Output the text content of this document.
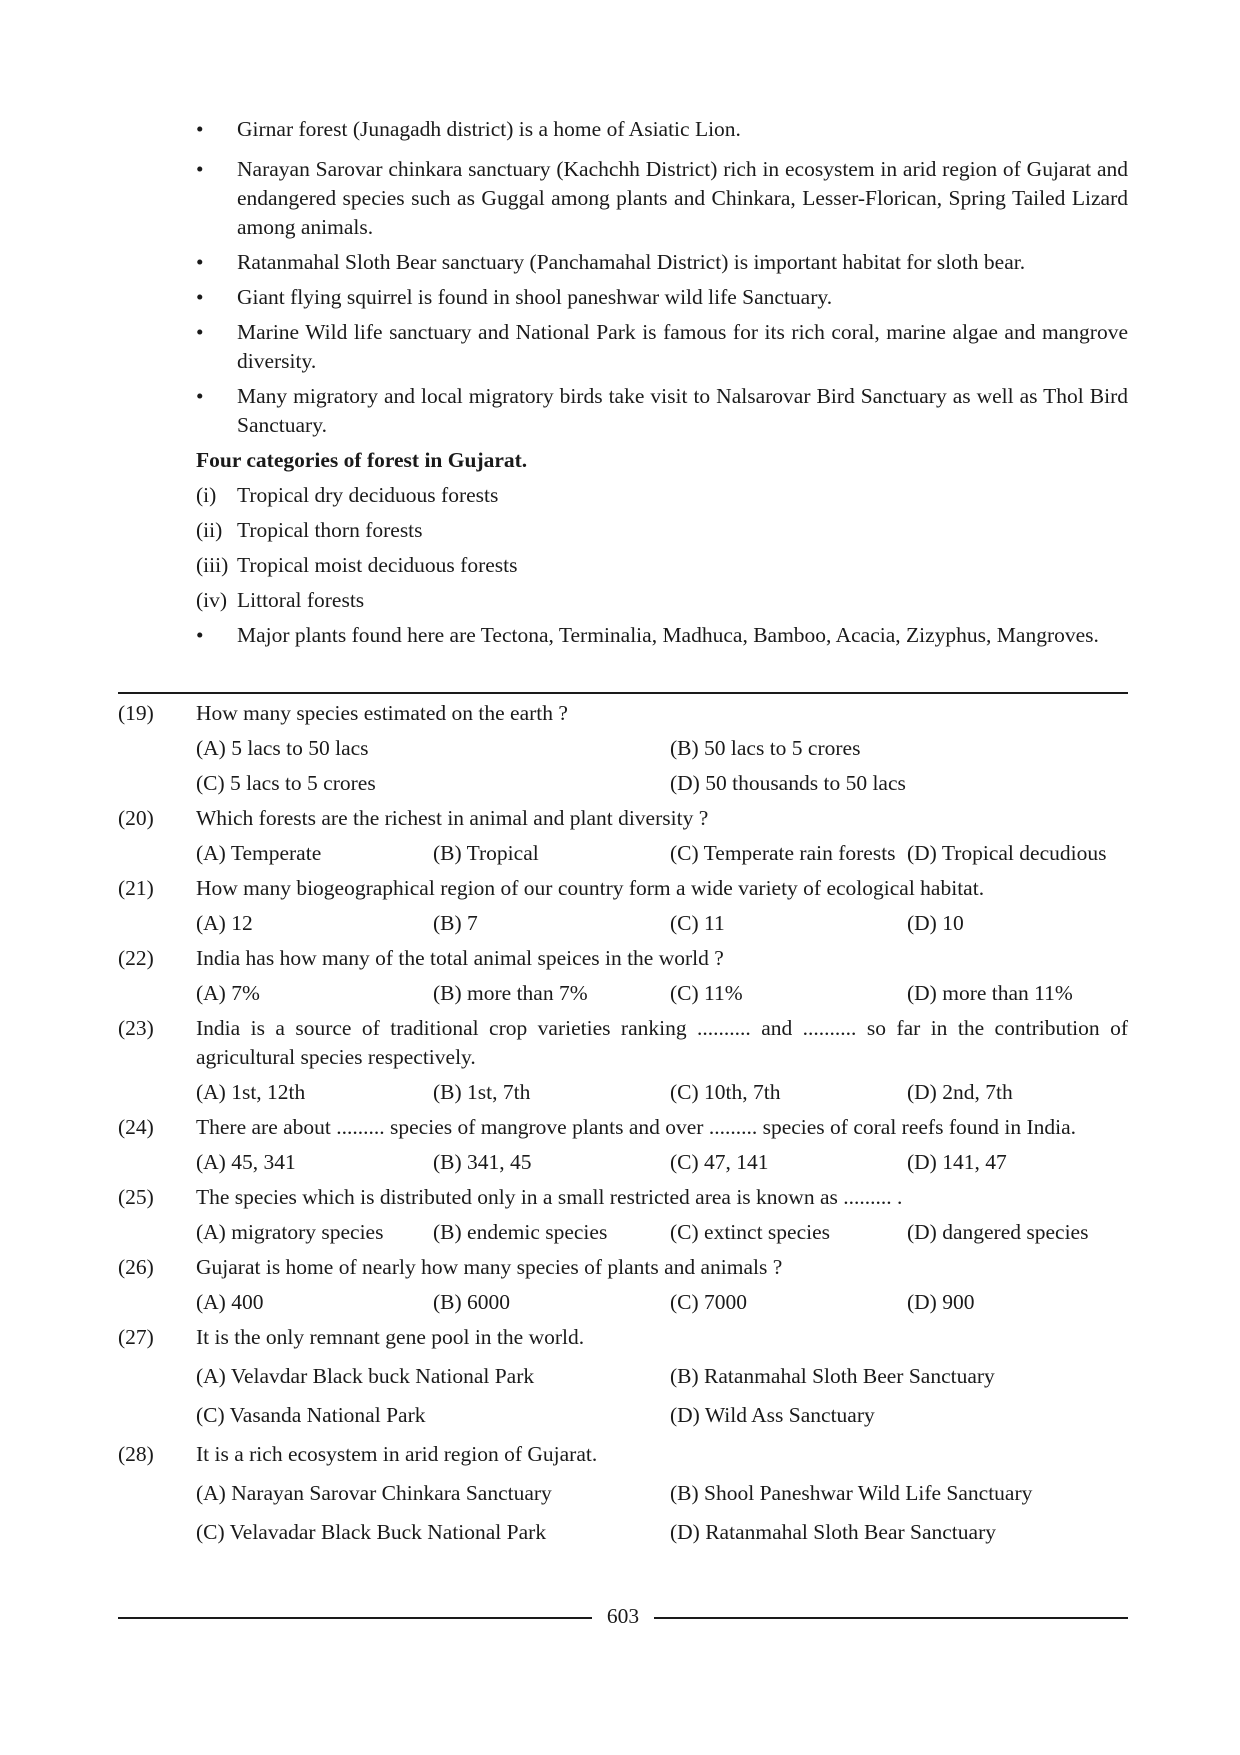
• Girnar forest (Junagadh district) is a home of Asiatic Lion.
• Narayan Sarovar chinkara sanctuary (Kachchh District) rich in ecosystem in arid region of Gujarat and endangered species such as Guggal among plants and Chinkara, Lesser-Florican, Spring Tailed Lizard among animals.
• Ratanmahal Sloth Bear sanctuary (Panchamahal District) is important habitat for sloth bear.
• Giant flying squirrel is found in shool paneshwar wild life Sanctuary.
• Marine Wild life sanctuary and National Park is famous for its rich coral, marine algae and mangrove diversity.
• Many migratory and local migratory birds take visit to Nalsarovar Bird Sanctuary as well as Thol Bird Sanctuary.
Four categories of forest in Gujarat.
(i) Tropical dry deciduous forests
(ii) Tropical thorn forests
(iii) Tropical moist deciduous forests
(iv) Littoral forests
• Major plants found here are Tectona, Terminalia, Madhuca, Bamboo, Acacia, Zizyphus, Mangroves.
(19)	How many species estimated on the earth ?
(A) 5 lacs to 50 lacs	(B) 50 lacs to 5 crores
(C) 5 lacs to 5 crores	(D) 50 thousands to 50 lacs
(20)	Which forests are the richest in animal and plant diversity ?
(A) Temperate	(B) Tropical	(C) Temperate rain forests (D) Tropical decudious
(21)	How many biogeographical region of our country form a wide variety of ecological habitat.
(A) 12	(B) 7	(C) 11	(D) 10
(22)	India has how many of the total animal speices in the world ?
(A) 7%	(B) more than 7%	(C) 11%	(D) more than 11%
(23)	India is a source of traditional crop varieties ranking .......... and .......... so far in the contribution of agricultural species respectively.
(A) 1st, 12th	(B) 1st, 7th	(C) 10th, 7th	(D) 2nd, 7th
(24)	There are about ......... species of mangrove plants and over ......... species of coral reefs found in India.
(A) 45, 341	(B) 341, 45	(C) 47, 141	(D) 141, 47
(25)	The species which is distributed only in a small restricted area is known as ......... .
(A) migratory species	(B) endemic species	(C) extinct species	(D) dangered species
(26)	Gujarat is home of nearly how many species of plants and animals ?
(A) 400	(B) 6000	(C) 7000	(D) 900
(27)	It is the only remnant gene pool in the world.
(A) Velavdar Black buck National Park	(B) Ratanmahal Sloth Beer Sanctuary
(C) Vasanda National Park	(D) Wild Ass Sanctuary
(28)	It is a rich ecosystem in arid region of Gujarat.
(A) Narayan Sarovar Chinkara Sanctuary	(B) Shool Paneshwar Wild Life Sanctuary
(C) Velavadar Black Buck National Park	(D) Ratanmahal Sloth Bear Sanctuary
603
